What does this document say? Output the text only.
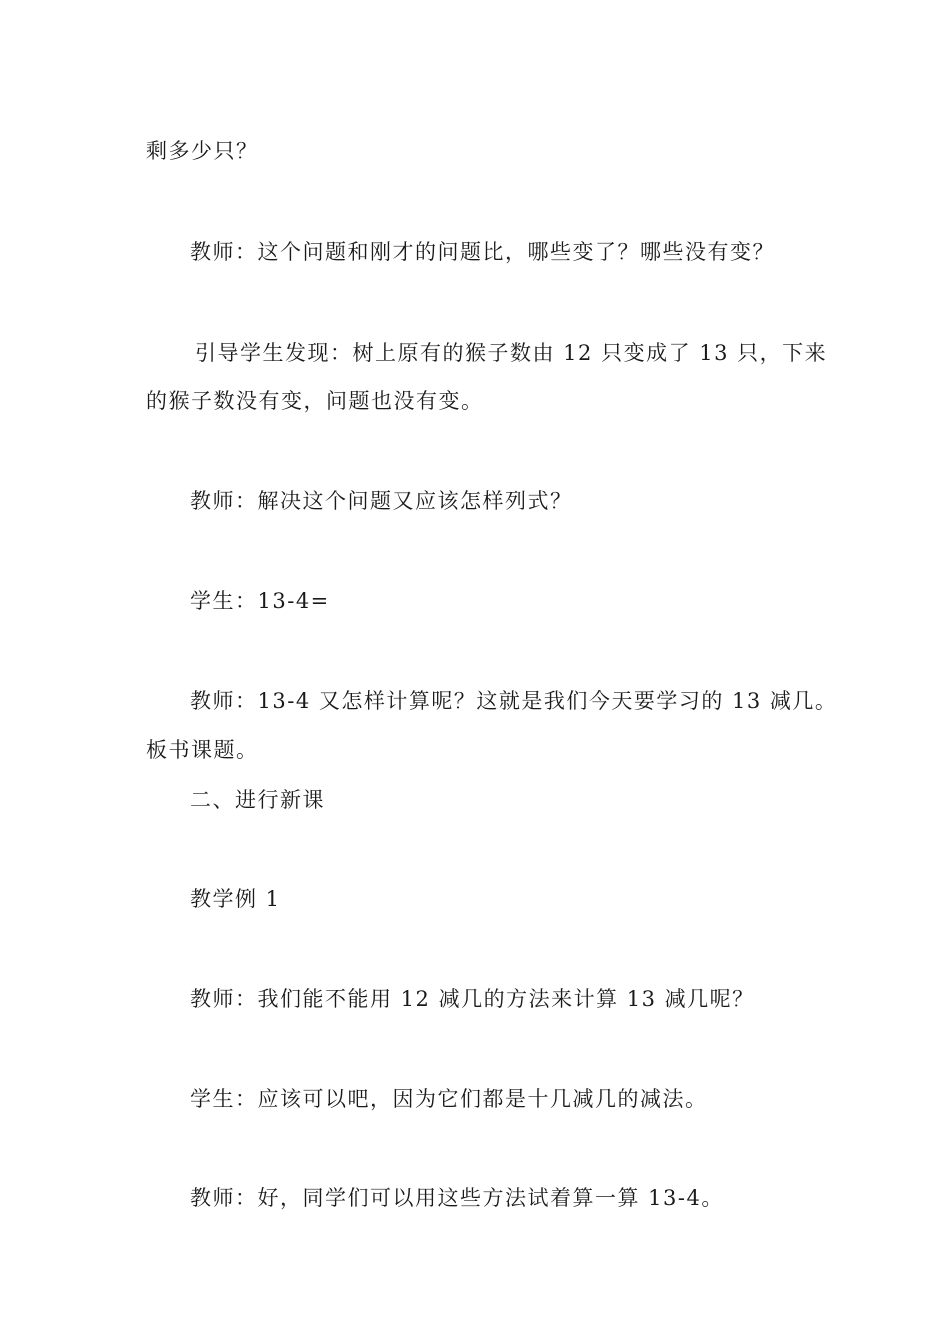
剩多少只？
教师：这个问题和刚才的问题比，哪些变了？哪些没有变？
引导学生发现：树上原有的猴子数由 12 只变成了 13 只，下来
的猴子数没有变，问题也没有变。
教师：解决这个问题又应该怎样列式？
学生：13-4=
教师：13-4 又怎样计算呢？这就是我们今天要学习的 13 减几。
板书课题。
二、进行新课
教学例 1
教师：我们能不能用 12 减几的方法来计算 13 减几呢？
学生：应该可以吧，因为它们都是十几减几的减法。
教师：好，同学们可以用这些方法试着算一算 13-4。
